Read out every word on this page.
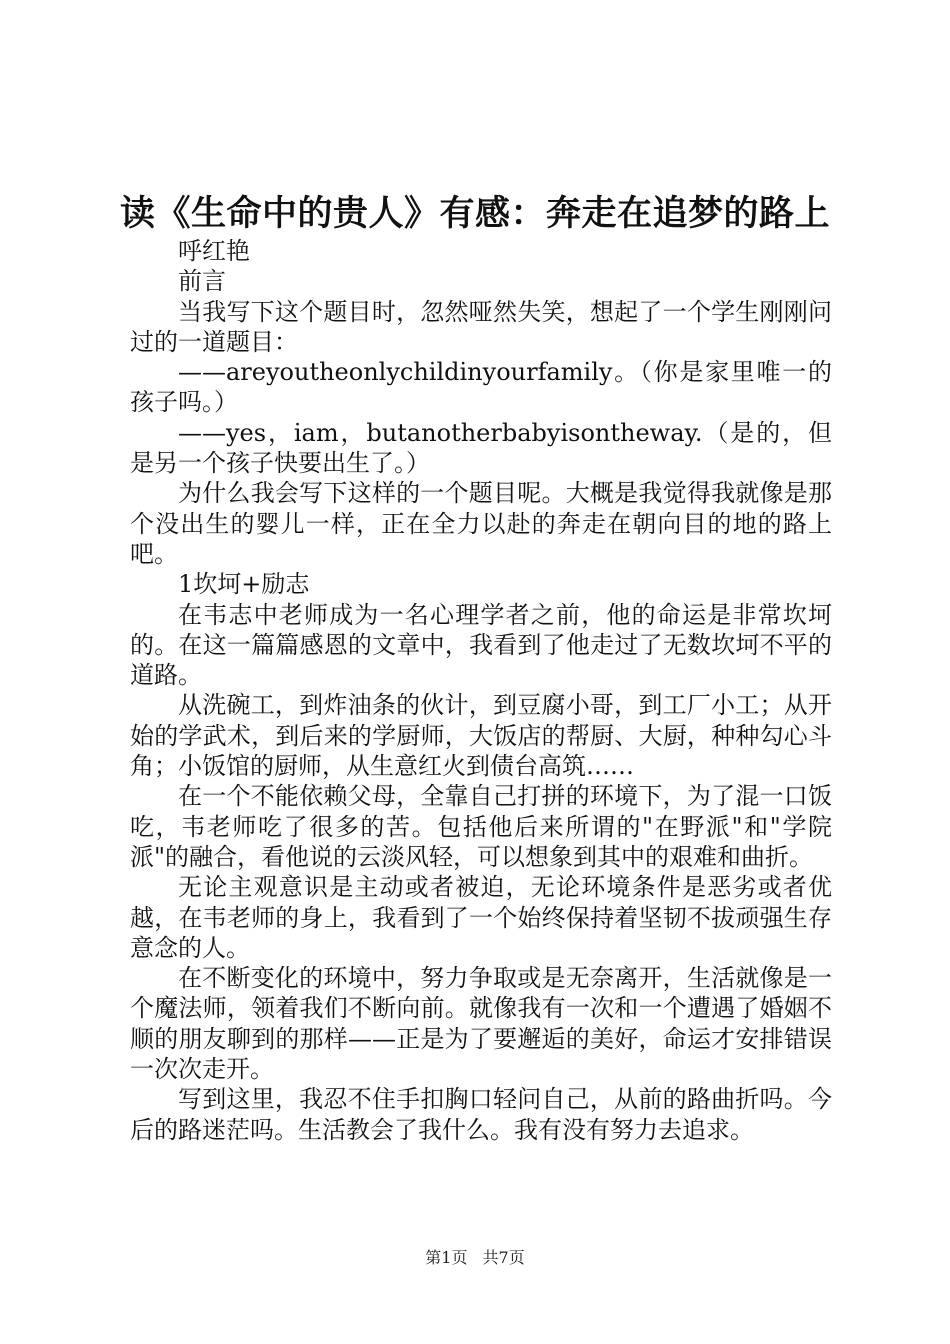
读《生命中的贵人》有感：奔走在追梦的路上

呼红艳

前言

当我写下这个题目时，忽然哑然失笑，想起了一个学生刚刚问过的一道题目：

——areyoutheonlychildinyourfamily。（你是家里唯一的孩子吗。）

——yes，iam，butanotherbabyisontheway.（是的，但是另一个孩子快要出生了。）

为什么我会写下这样的一个题目呢。大概是我觉得我就像是那个没出生的婴儿一样，正在全力以赴的奔走在朝向目的地的路上吧。

1坎坷+励志

在韦志中老师成为一名心理学者之前，他的命运是非常坎坷的。在这一篇篇感恩的文章中，我看到了他走过了无数坎坷不平的道路。

从洗碗工，到炸油条的伙计，到豆腐小哥，到工厂小工；从开始的学武术，到后来的学厨师，大饭店的帮厨、大厨，种种勾心斗角；小饭馆的厨师，从生意红火到债台高筑……

在一个不能依赖父母，全靠自己打拼的环境下，为了混一口饭吃，韦老师吃了很多的苦。包括他后来所谓的"在野派"和"学院派"的融合，看他说的云淡风轻，可以想象到其中的艰难和曲折。

无论主观意识是主动或者被迫，无论环境条件是恶劣或者优越，在韦老师的身上，我看到了一个始终保持着坚韧不拔顽强生存意念的人。

在不断变化的环境中，努力争取或是无奈离开，生活就像是一个魔法师，领着我们不断向前。就像我有一次和一个遭遇了婚姻不顺的朋友聊到的那样——正是为了要邂逅的美好，命运才安排错误一次次走开。

写到这里，我忍不住手扣胸口轻问自己，从前的路曲折吗。今后的路迷茫吗。生活教会了我什么。我有没有努力去追求。

第1页 共7页
